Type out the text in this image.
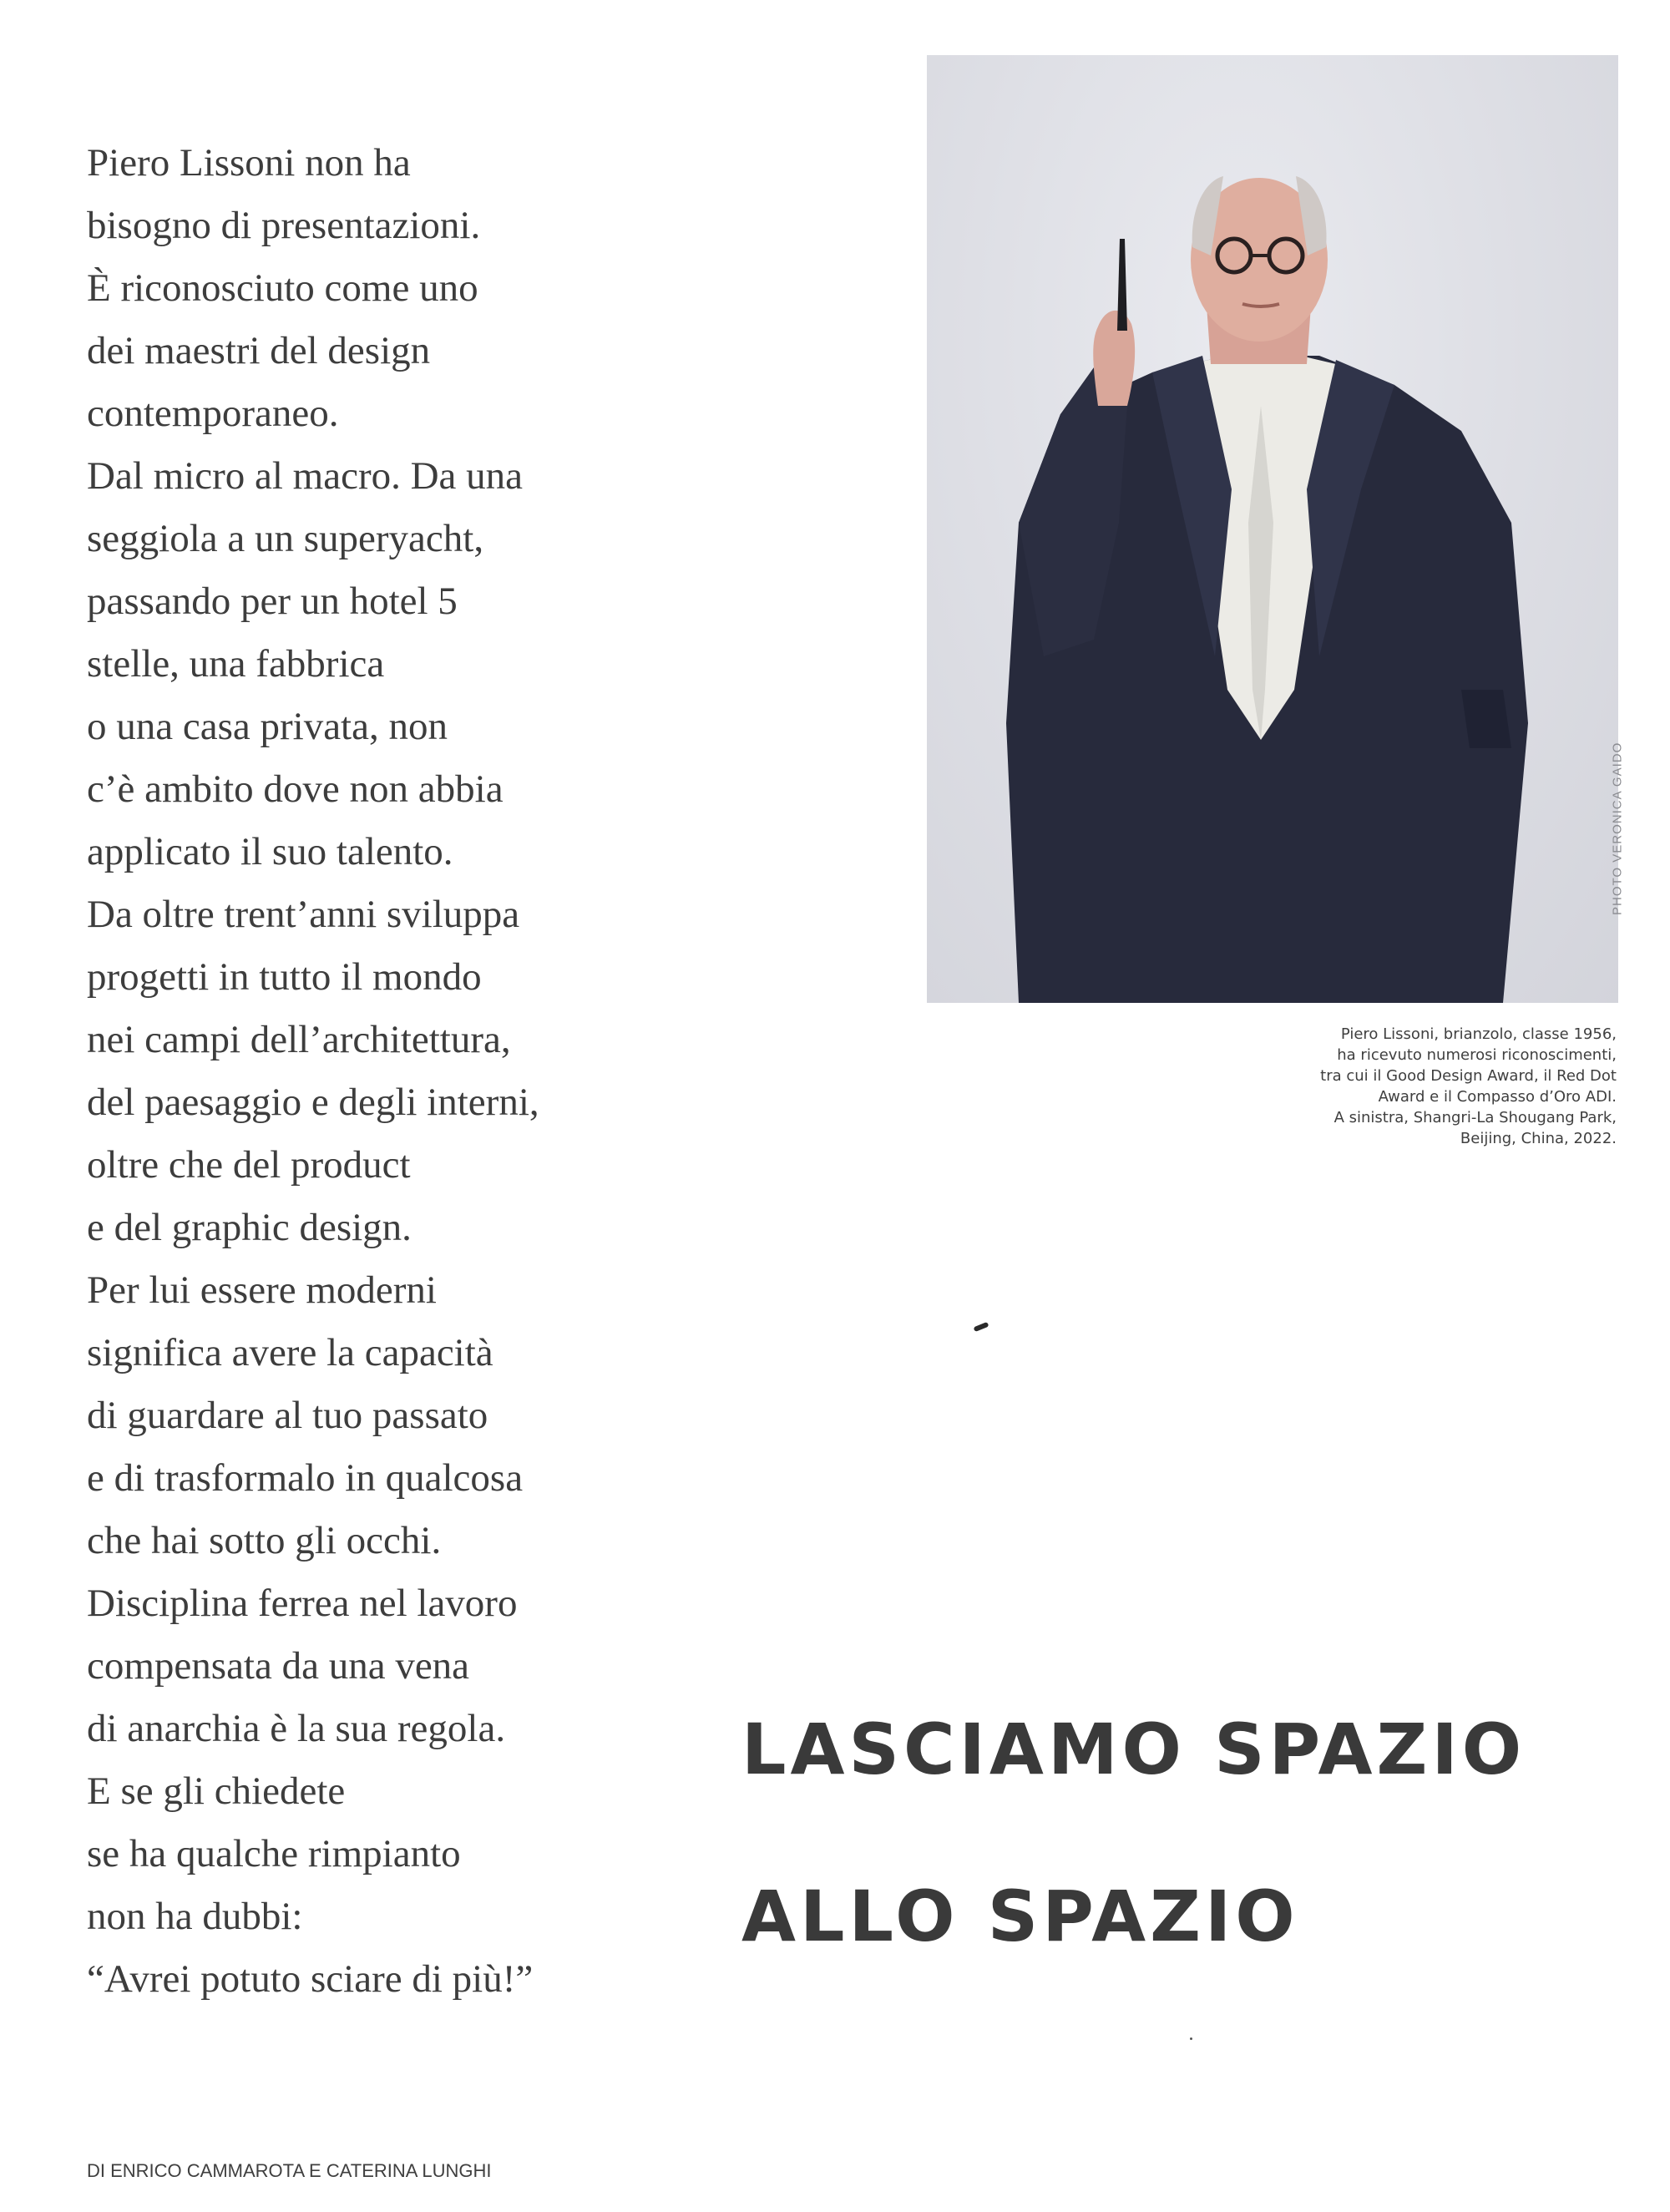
Piero Lissoni non ha
bisogno di presentazioni.
È riconosciuto come uno
dei maestri del design
contemporaneo.
Dal micro al macro. Da una
seggiola a un superyacht,
passando per un hotel 5
stelle, una fabbrica
o una casa privata, non
c’è ambito dove non abbia
applicato il suo talento.
Da oltre trent’anni sviluppa
progetti in tutto il mondo
nei campi dell’architettura,
del paesaggio e degli interni,
oltre che del product
e del graphic design.
Per lui essere moderni
significa avere la capacità
di guardare al tuo passato
e di trasformalo in qualcosa
che hai sotto gli occhi.
Disciplina ferrea nel lavoro
compensata da una vena
di anarchia è la sua regola.
E se gli chiedete
se ha qualche rimpianto
non ha dubbi:
“Avrei potuto sciare di più!”
PHOTO VERONICA GAIDO
Piero Lissoni, brianzolo, classe 1956,
ha ricevuto numerosi riconoscimenti,
tra cui il Good Design Award, il Red Dot
Award e il Compasso d’Oro ADI.
A sinistra, Shangri-La Shougang Park,
Beijing, China, 2022.
LASCIAMO SPAZIO
ALLO SPAZIO
DI ENRICO CAMMAROTA E CATERINA LUNGHI
